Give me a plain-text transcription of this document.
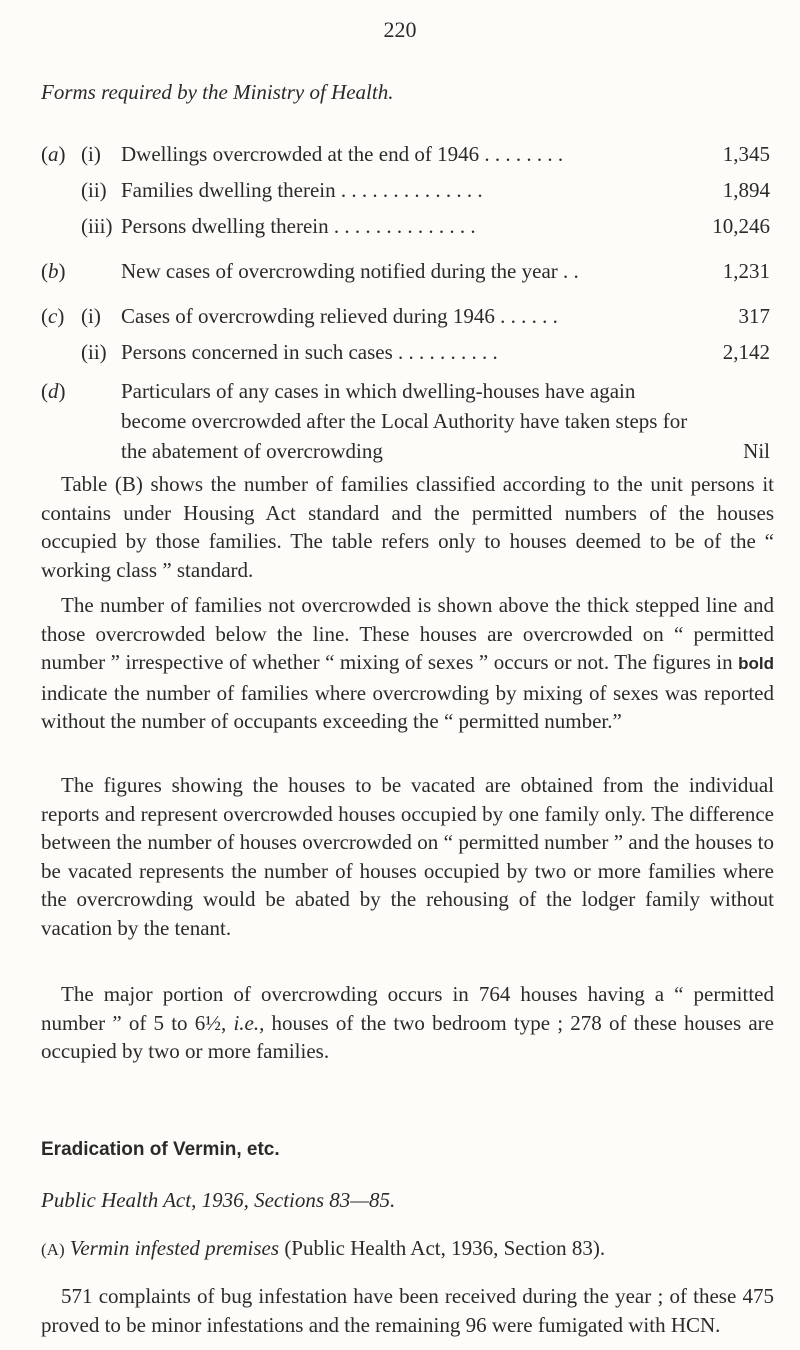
220
Forms required by the Ministry of Health.
(a) (i) Dwellings overcrowded at the end of 1946 . . . . . . . .	1,345
(ii) Families dwelling therein . . . . . . . . . . . . . .	1,894
(iii) Persons dwelling therein . . . . . . . . . . . . . .	10,246
(b)	New cases of overcrowding notified during the year . .	1,231
(c) (i) Cases of overcrowding relieved during 1946 . . . . . .	317
(ii) Persons concerned in such cases . . . . . . . . . .	2,142
(d)	Particulars of any cases in which dwelling-houses have again become overcrowded after the Local Authority have taken steps for the abatement of overcrowding	Nil

Table (B) shows the number of families classified according to the unit persons it contains under Housing Act standard and the permitted numbers of the houses occupied by those families. The table refers only to houses deemed to be of the “ working class ” standard.

The number of families not overcrowded is shown above the thick stepped line and those overcrowded below the line. These houses are overcrowded on “ permitted number ” irrespective of whether “ mixing of sexes ” occurs or not. The figures in bold indicate the number of families where overcrowding by mixing of sexes was reported without the number of occupants exceeding the “ permitted number.”

The figures showing the houses to be vacated are obtained from the individual reports and represent overcrowded houses occupied by one family only. The difference between the number of houses overcrowded on “ permitted number ” and the houses to be vacated represents the number of houses occupied by two or more families where the overcrowding would be abated by the rehousing of the lodger family without vacation by the tenant.

The major portion of overcrowding occurs in 764 houses having a “ permitted number ” of 5 to 6½, i.e., houses of the two bedroom type ; 278 of these houses are occupied by two or more families.

Eradication of Vermin, etc.
Public Health Act, 1936, Sections 83—85.
(A) Vermin infested premises (Public Health Act, 1936, Section 83).

571 complaints of bug infestation have been received during the year ; of these 475 proved to be minor infestations and the remaining 96 were fumigated with HCN.
